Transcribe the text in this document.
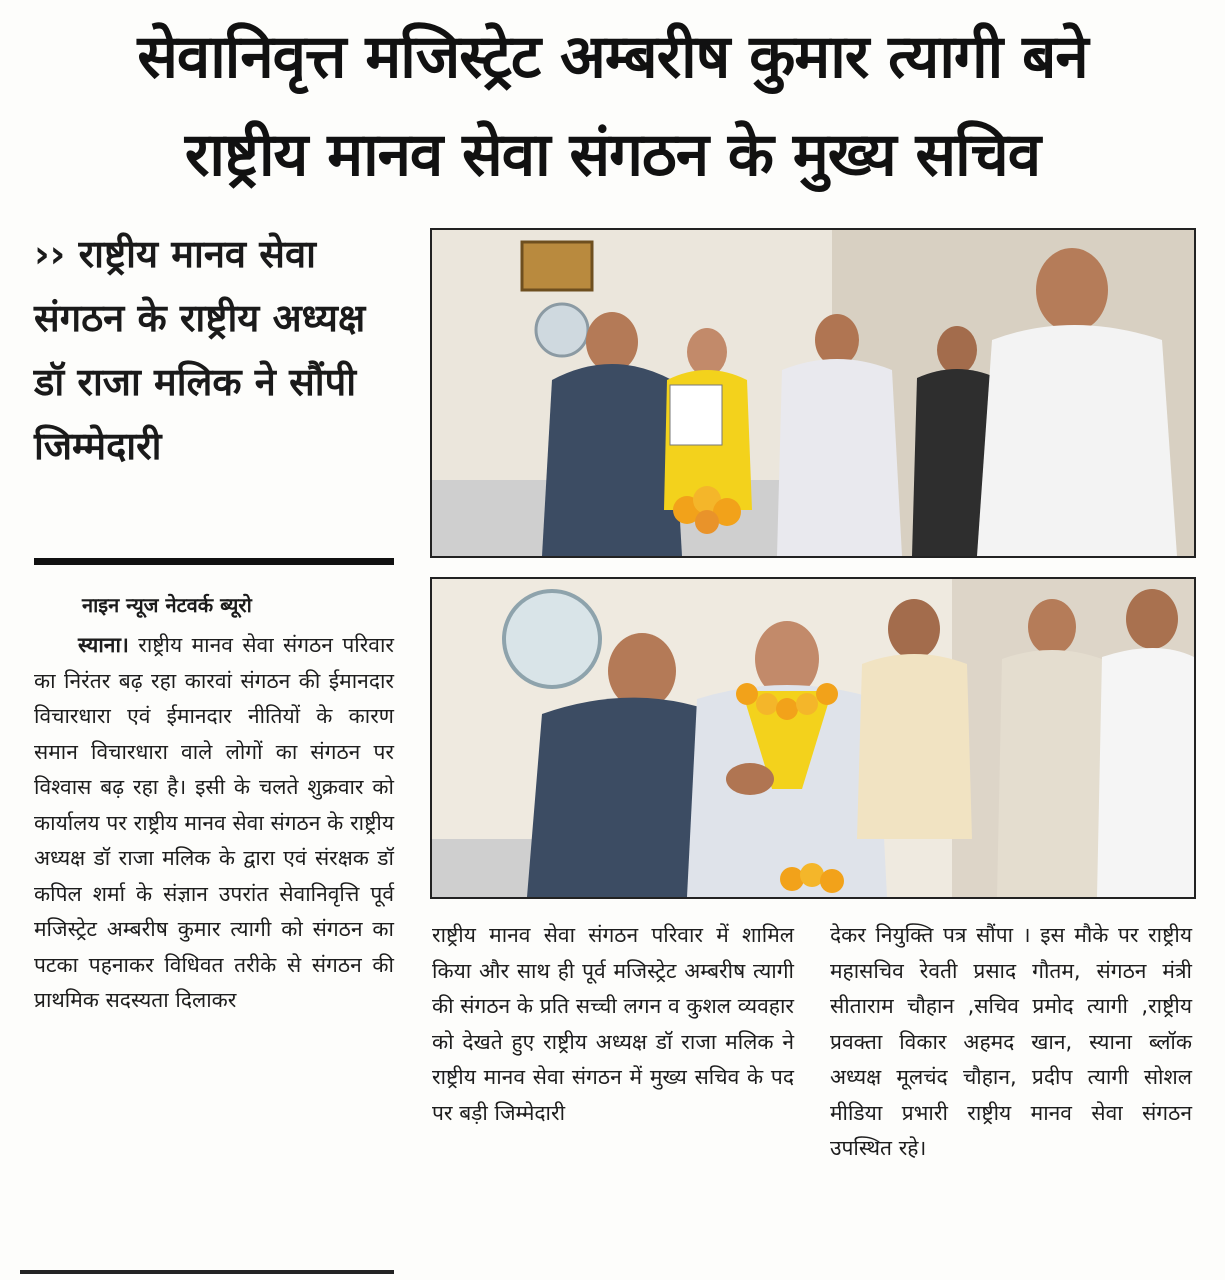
सेवानिवृत्त मजिस्ट्रेट अम्बरीष कुमार त्यागी बने
राष्ट्रीय मानव सेवा संगठन के मुख्य सचिव
›› राष्ट्रीय मानव सेवा संगठन के राष्ट्रीय अध्यक्ष डॉ राजा मलिक ने सौंपी जिम्मेदारी
नाइन न्यूज नेटवर्क ब्यूरो
स्याना। राष्ट्रीय मानव सेवा संगठन परिवार का निरंतर बढ़ रहा कारवां संगठन की ईमानदार विचारधारा एवं ईमानदार नीतियों के कारण समान विचारधारा वाले लोगों का संगठन पर विश्वास बढ़ रहा है। इसी के चलते शुक्रवार को कार्यालय पर राष्ट्रीय मानव सेवा संगठन के राष्ट्रीय अध्यक्ष डॉ राजा मलिक के द्वारा एवं संरक्षक डॉ कपिल शर्मा के संज्ञान उपरांत सेवानिवृत्ति पूर्व मजिस्ट्रेट अम्बरीष कुमार त्यागी को संगठन का पटका पहनाकर विधिवत तरीके से संगठन की प्राथमिक सदस्यता दिलाकर
राष्ट्रीय मानव सेवा संगठन परिवार में शामिल किया और साथ ही पूर्व मजिस्ट्रेट अम्बरीष त्यागी की संगठन के प्रति सच्ची लगन व कुशल व्यवहार को देखते हुए राष्ट्रीय अध्यक्ष डॉ राजा मलिक ने राष्ट्रीय मानव सेवा संगठन में मुख्य सचिव के पद पर बड़ी जिम्मेदारी
देकर नियुक्ति पत्र सौंपा । इस मौके पर राष्ट्रीय महासचिव रेवती प्रसाद गौतम, संगठन मंत्री सीताराम चौहान ,सचिव प्रमोद त्यागी ,राष्ट्रीय प्रवक्ता विकार अहमद खान, स्याना ब्लॉक अध्यक्ष मूलचंद चौहान, प्रदीप त्यागी सोशल मीडिया प्रभारी राष्ट्रीय मानव सेवा संगठन उपस्थित रहे।
